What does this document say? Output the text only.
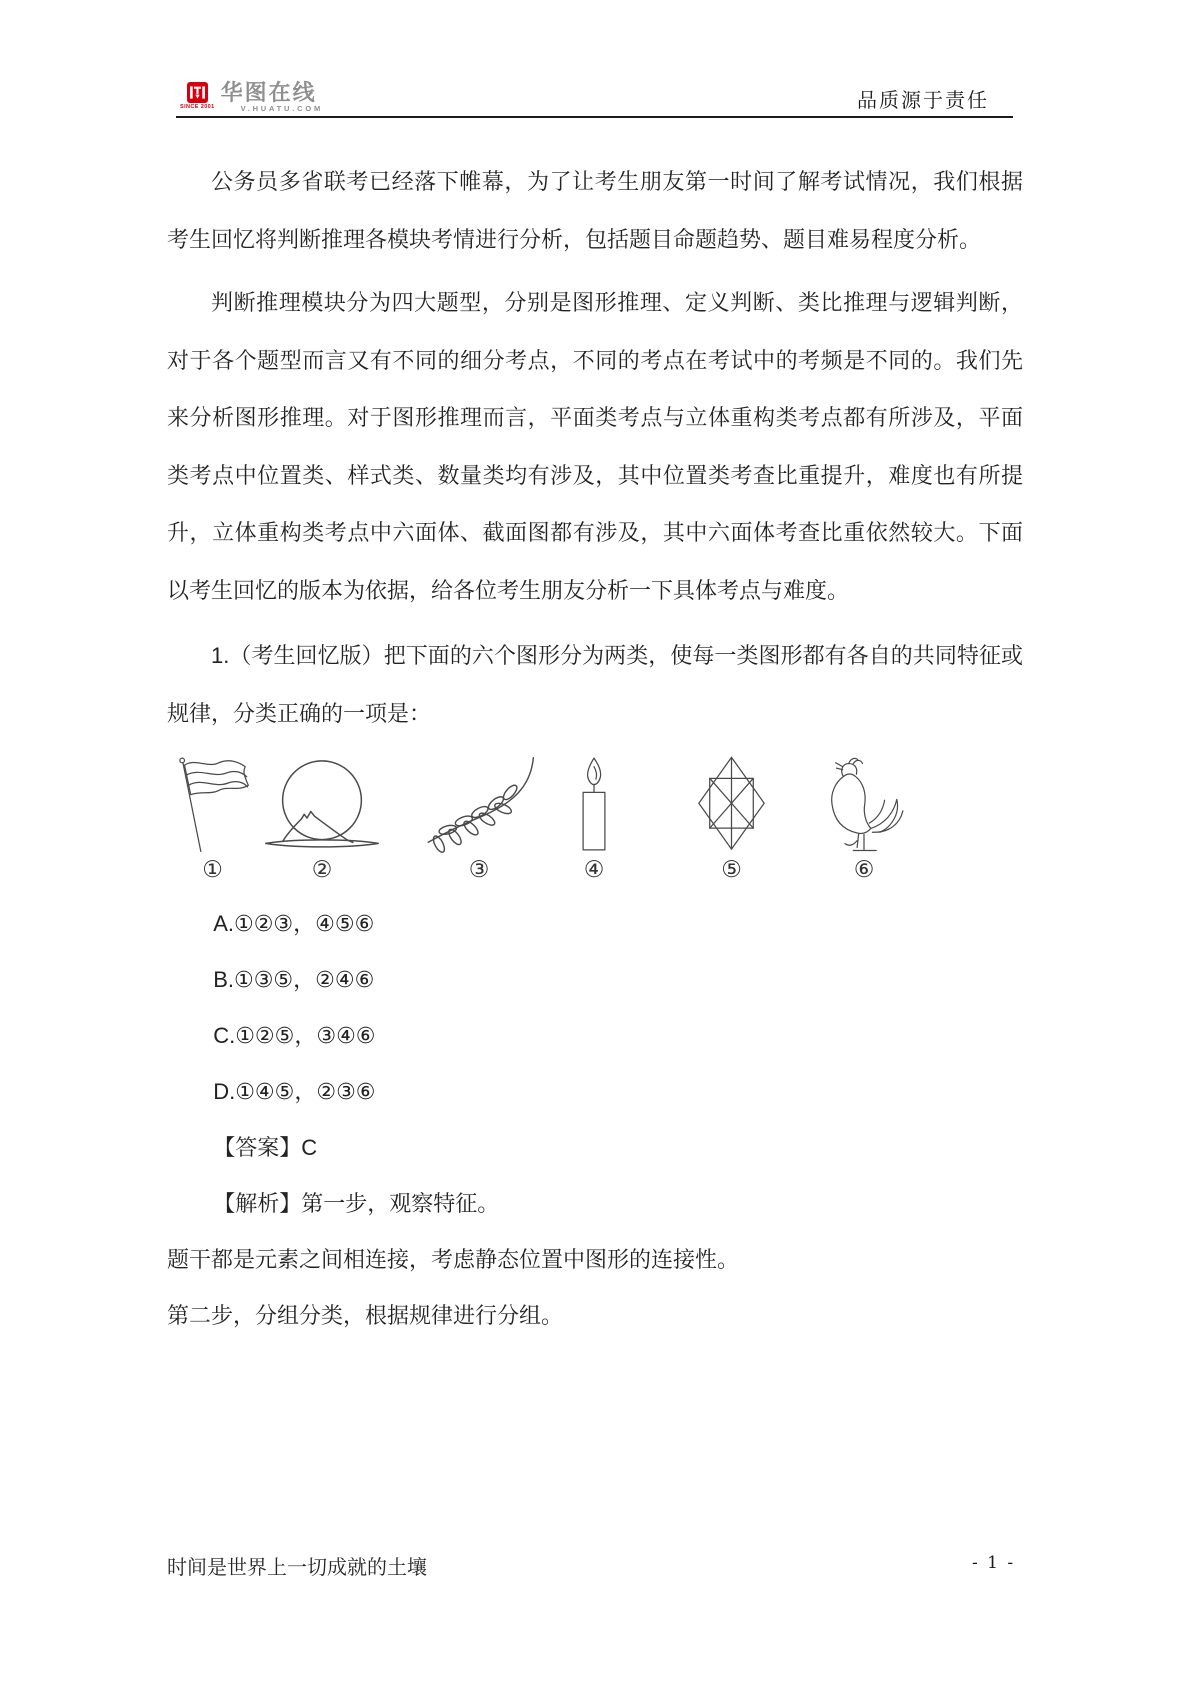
SINCE 2001
华图在线
V.HUATU.COM	品质源于责任

公务员多省联考已经落下帷幕，为了让考生朋友第一时间了解考试情况，我们根据考生回忆将判断推理各模块考情进行分析，包括题目命题趋势、题目难易程度分析。

判断推理模块分为四大题型，分别是图形推理、定义判断、类比推理与逻辑判断，对于各个题型而言又有不同的细分考点，不同的考点在考试中的考频是不同的。我们先来分析图形推理。对于图形推理而言，平面类考点与立体重构类考点都有所涉及，平面类考点中位置类、样式类、数量类均有涉及，其中位置类考查比重提升，难度也有所提升，立体重构类考点中六面体、截面图都有涉及，其中六面体考查比重依然较大。下面以考生回忆的版本为依据，给各位考生朋友分析一下具体考点与难度。

1.（考生回忆版）把下面的六个图形分为两类，使每一类图形都有各自的共同特征或规律，分类正确的一项是：

①	②	③	④	⑤	⑥
A.①②③，④⑤⑥
B.①③⑤，②④⑥
C.①②⑤，③④⑥
D.①④⑤，②③⑥
【答案】C
【解析】第一步，观察特征。
题干都是元素之间相连接，考虑静态位置中图形的连接性。
第二步，分组分类，根据规律进行分组。
时间是世界上一切成就的土壤	- 1 -
